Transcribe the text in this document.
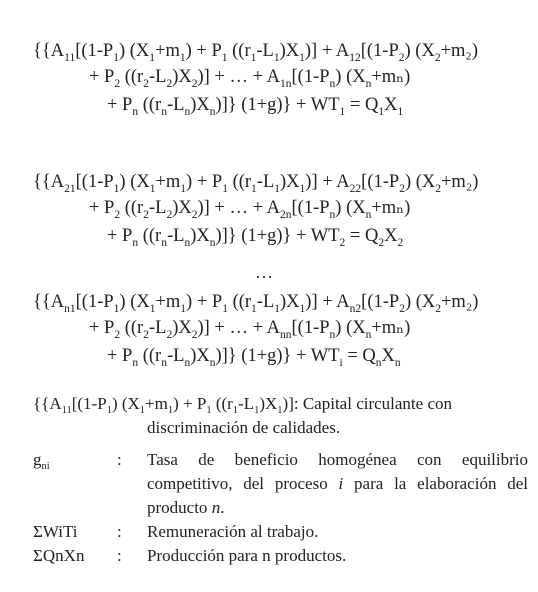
{{$A_{11}[(1-P_1) (X_1+m_1) + P_1$ $((r_1-L_1)X_1)] + A_{12}[(1-P_2)$ $(X_2+m_2)$
+ $P_2$ $((r_2-L_2)X_2)$] + … + $A_{1n}[(1-P_n)$ $(X_n+m_n)$
+ $P_n$ $((r_n-L_n)X_n)$]} $(1+g)\} + WT_1 = Q_1X_1$
{{$A_{21}[(1-P_1) (X_1+m_1) + P_1$ $((r_1-L_1)X_1)] + A_{22}[(1-P_2)$ $(X_2+m_2)$
+ $P_2$ $((r_2-L_2)X_2)$] + … + $A_{2n}[(1-P_n)$ $(X_n+m_n)$
+ $P_n$ $((r_n-L_n)X_n)$]} $(1+g)\} + WT_2 = Q_2X_2$
…
{{$A_{n1}[(1-P_1) (X_1+m_1) + P_1$ $((r_1-L_1)X_1)] + A_{n2}[(1-P_2)$ $(X_2+m_2)$
+ $P_2$ $((r_2-L_2)X_2)$] + … + $A_{nn}[(1-P_n)$ $(X_n+m_n)$
+ $P_n$ $((r_n-L_n)X_n)$]} $(1+g)\} + WT_i = Q_nX_n$
{{$A_{11}[(1-P_1) (X_1+m_1) + P_1$ $((r_1-L_1)X_1)$]: Capital circulante con
discriminación de calidades.
$g_{ni}$	:	Tasa de beneficio homogénea con equilibrio competitivo, del proceso i para la elaboración del producto n.
ΣWiTi	:	Remuneración al trabajo.
ΣQnXn	:	Producción para n productos.
